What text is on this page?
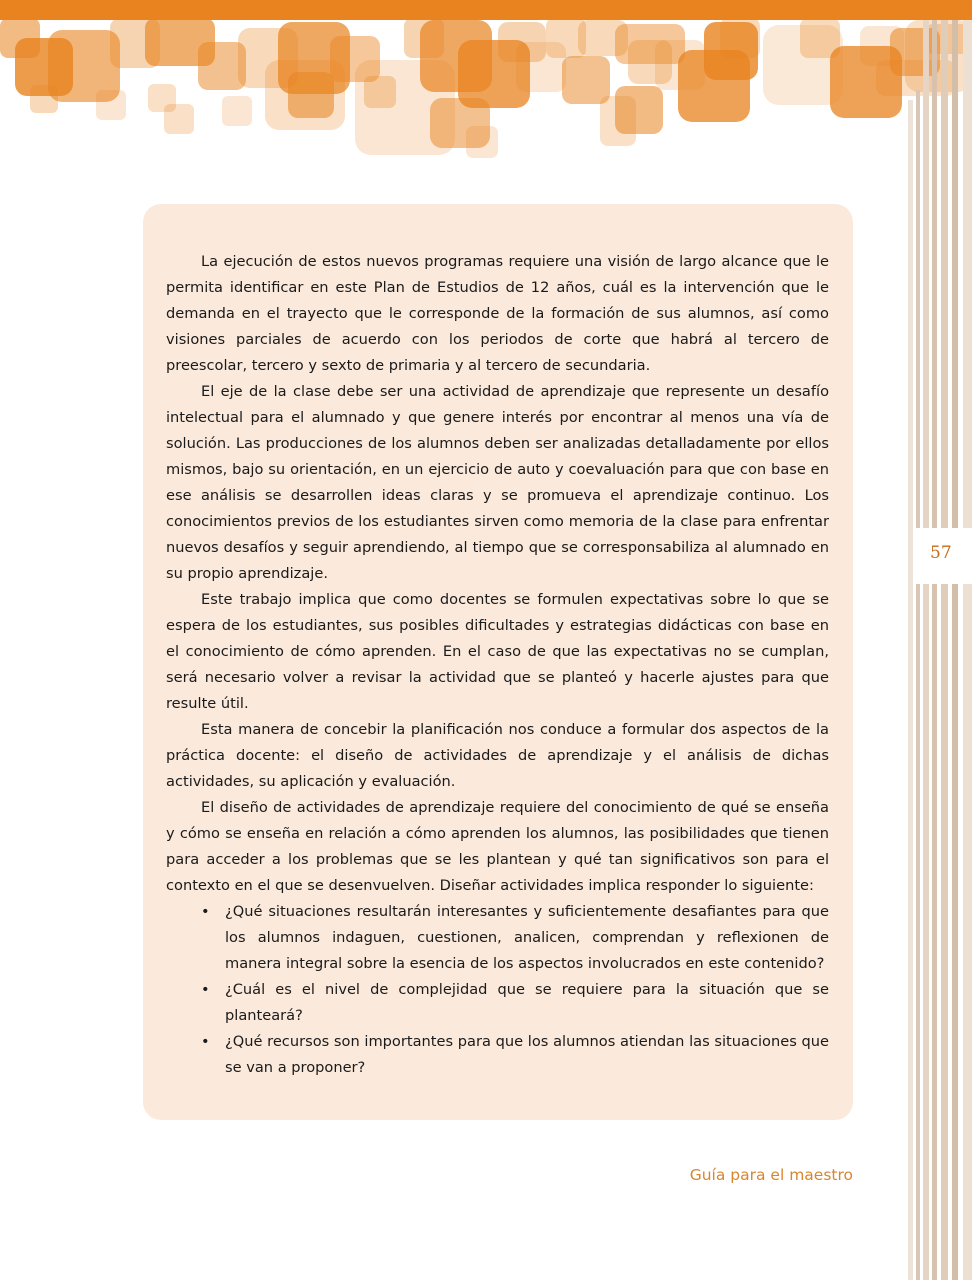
57

La ejecución de estos nuevos programas requiere una visión de largo alcance que le permita identificar en este Plan de Estudios de 12 años, cuál es la intervención que le demanda en el trayecto que le corresponde de la formación de sus alumnos, así como visiones parciales de acuerdo con los periodos de corte que habrá al tercero de preescolar, tercero y sexto de primaria y al tercero de secundaria.

El eje de la clase debe ser una actividad de aprendizaje que represente un desafío intelectual para el alumnado y que genere interés por encontrar al menos una vía de solución. Las producciones de los alumnos deben ser analizadas detalladamente por ellos mismos, bajo su orientación, en un ejercicio de auto y coevaluación para que con base en ese análisis se desarrollen ideas claras y se promueva el aprendizaje continuo. Los conocimientos previos de los estudiantes sirven como memoria de la clase para enfrentar nuevos desafíos y seguir aprendiendo, al tiempo que se corresponsabiliza al alumnado en su propio aprendizaje.

Este trabajo implica que como docentes se formulen expectativas sobre lo que se espera de los estudiantes, sus posibles dificultades y estrategias didácticas con base en el conocimiento de cómo aprenden. En el caso de que las expectativas no se cumplan, será necesario volver a revisar la actividad que se planteó y hacerle ajustes para que resulte útil.

Esta manera de concebir la planificación nos conduce a formular dos aspectos de la práctica docente: el diseño de actividades de aprendizaje y el análisis de dichas actividades, su aplicación y evaluación.

El diseño de actividades de aprendizaje requiere del conocimiento de qué se enseña y cómo se enseña en relación a cómo aprenden los alumnos, las posibilidades que tienen para acceder a los problemas que se les plantean y qué tan significativos son para el contexto en el que se desenvuelven. Diseñar actividades implica responder lo siguiente:

• ¿Qué situaciones resultarán interesantes y suficientemente desafiantes para que los alumnos indaguen, cuestionen, analicen, comprendan y reflexionen de manera integral sobre la esencia de los aspectos involucrados en este contenido?
• ¿Cuál es el nivel de complejidad que se requiere para la situación que se planteará?
• ¿Qué recursos son importantes para que los alumnos atiendan las situaciones que se van a proponer?
Guía para el maestro
